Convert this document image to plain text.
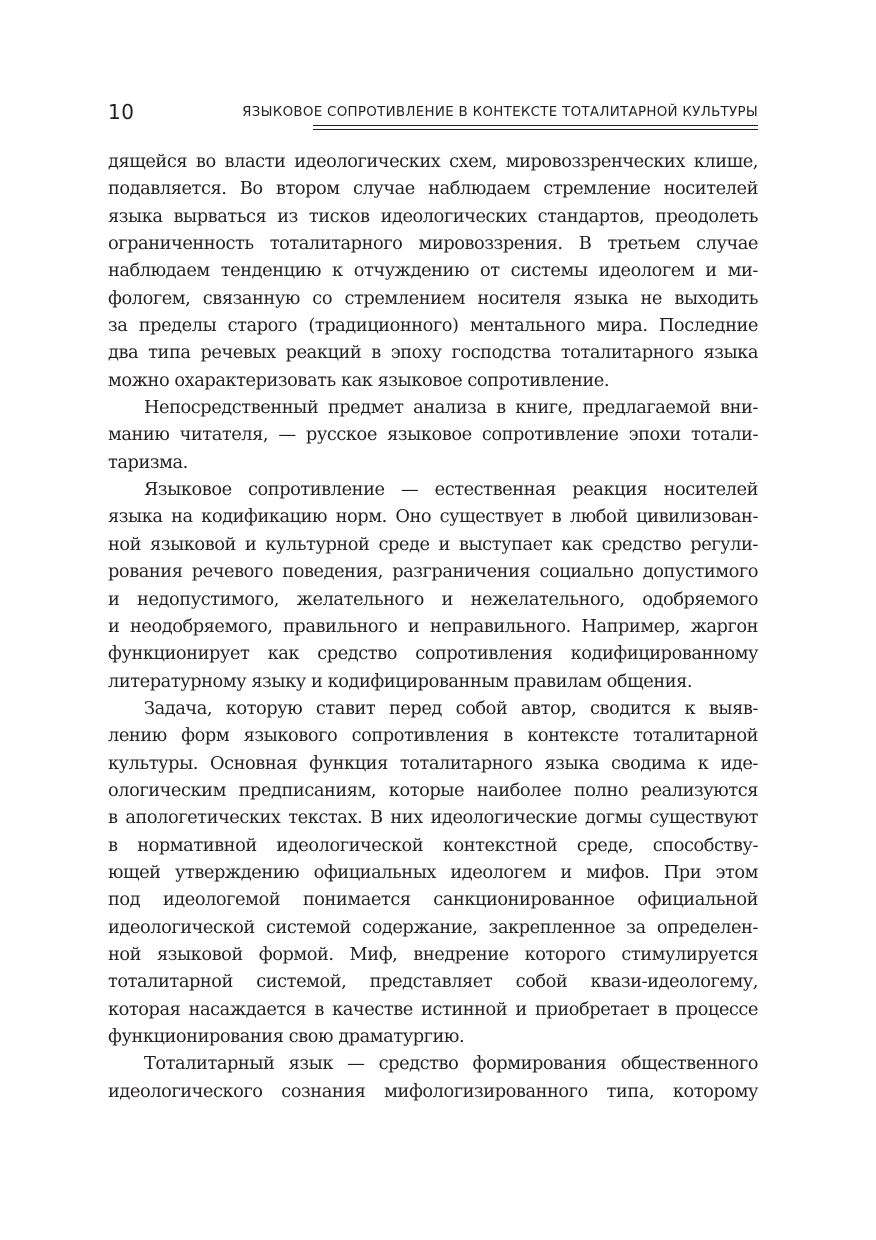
10	ЯЗЫКОВОЕ СОПРОТИВЛЕНИЕ В КОНТЕКСТЕ ТОТАЛИТАРНОЙ КУЛЬТУРЫ
дящейся во власти идеологических схем, мировоззренческих клише,
подавляется. Во втором случае наблюдаем стремление носителей
языка вырваться из тисков идеологических стандартов, преодолеть
ограниченность тоталитарного мировоззрения. В третьем случае
наблюдаем тенденцию к отчуждению от системы идеологем и ми-
фологем, связанную со стремлением носителя языка не выходить
за пределы старого (традиционного) ментального мира. Последние
два типа речевых реакций в эпоху господства тоталитарного языка
можно охарактеризовать как языковое сопротивление.
Непосредственный предмет анализа в книге, предлагаемой вни-
манию читателя, — русское языковое сопротивление эпохи тотали-
таризма.
Языковое сопротивление — естественная реакция носителей
языка на кодификацию норм. Оно существует в любой цивилизован-
ной языковой и культурной среде и выступает как средство регули-
рования речевого поведения, разграничения социально допустимого
и недопустимого, желательного и нежелательного, одобряемого
и неодобряемого, правильного и неправильного. Например, жаргон
функционирует как средство сопротивления кодифицированному
литературному языку и кодифицированным правилам общения.
Задача, которую ставит перед собой автор, сводится к выяв-
лению форм языкового сопротивления в контексте тоталитарной
культуры. Основная функция тоталитарного языка сводима к иде-
ологическим предписаниям, которые наиболее полно реализуются
в апологетических текстах. В них идеологические догмы существуют
в нормативной идеологической контекстной среде, способству-
ющей утверждению официальных идеологем и мифов. При этом
под идеологемой понимается санкционированное официальной
идеологической системой содержание, закрепленное за определен-
ной языковой формой. Миф, внедрение которого стимулируется
тоталитарной системой, представляет собой квази-идеологему,
которая насаждается в качестве истинной и приобретает в процессе
функционирования свою драматургию.
Тоталитарный язык — средство формирования общественного
идеологического сознания мифологизированного типа, которому
